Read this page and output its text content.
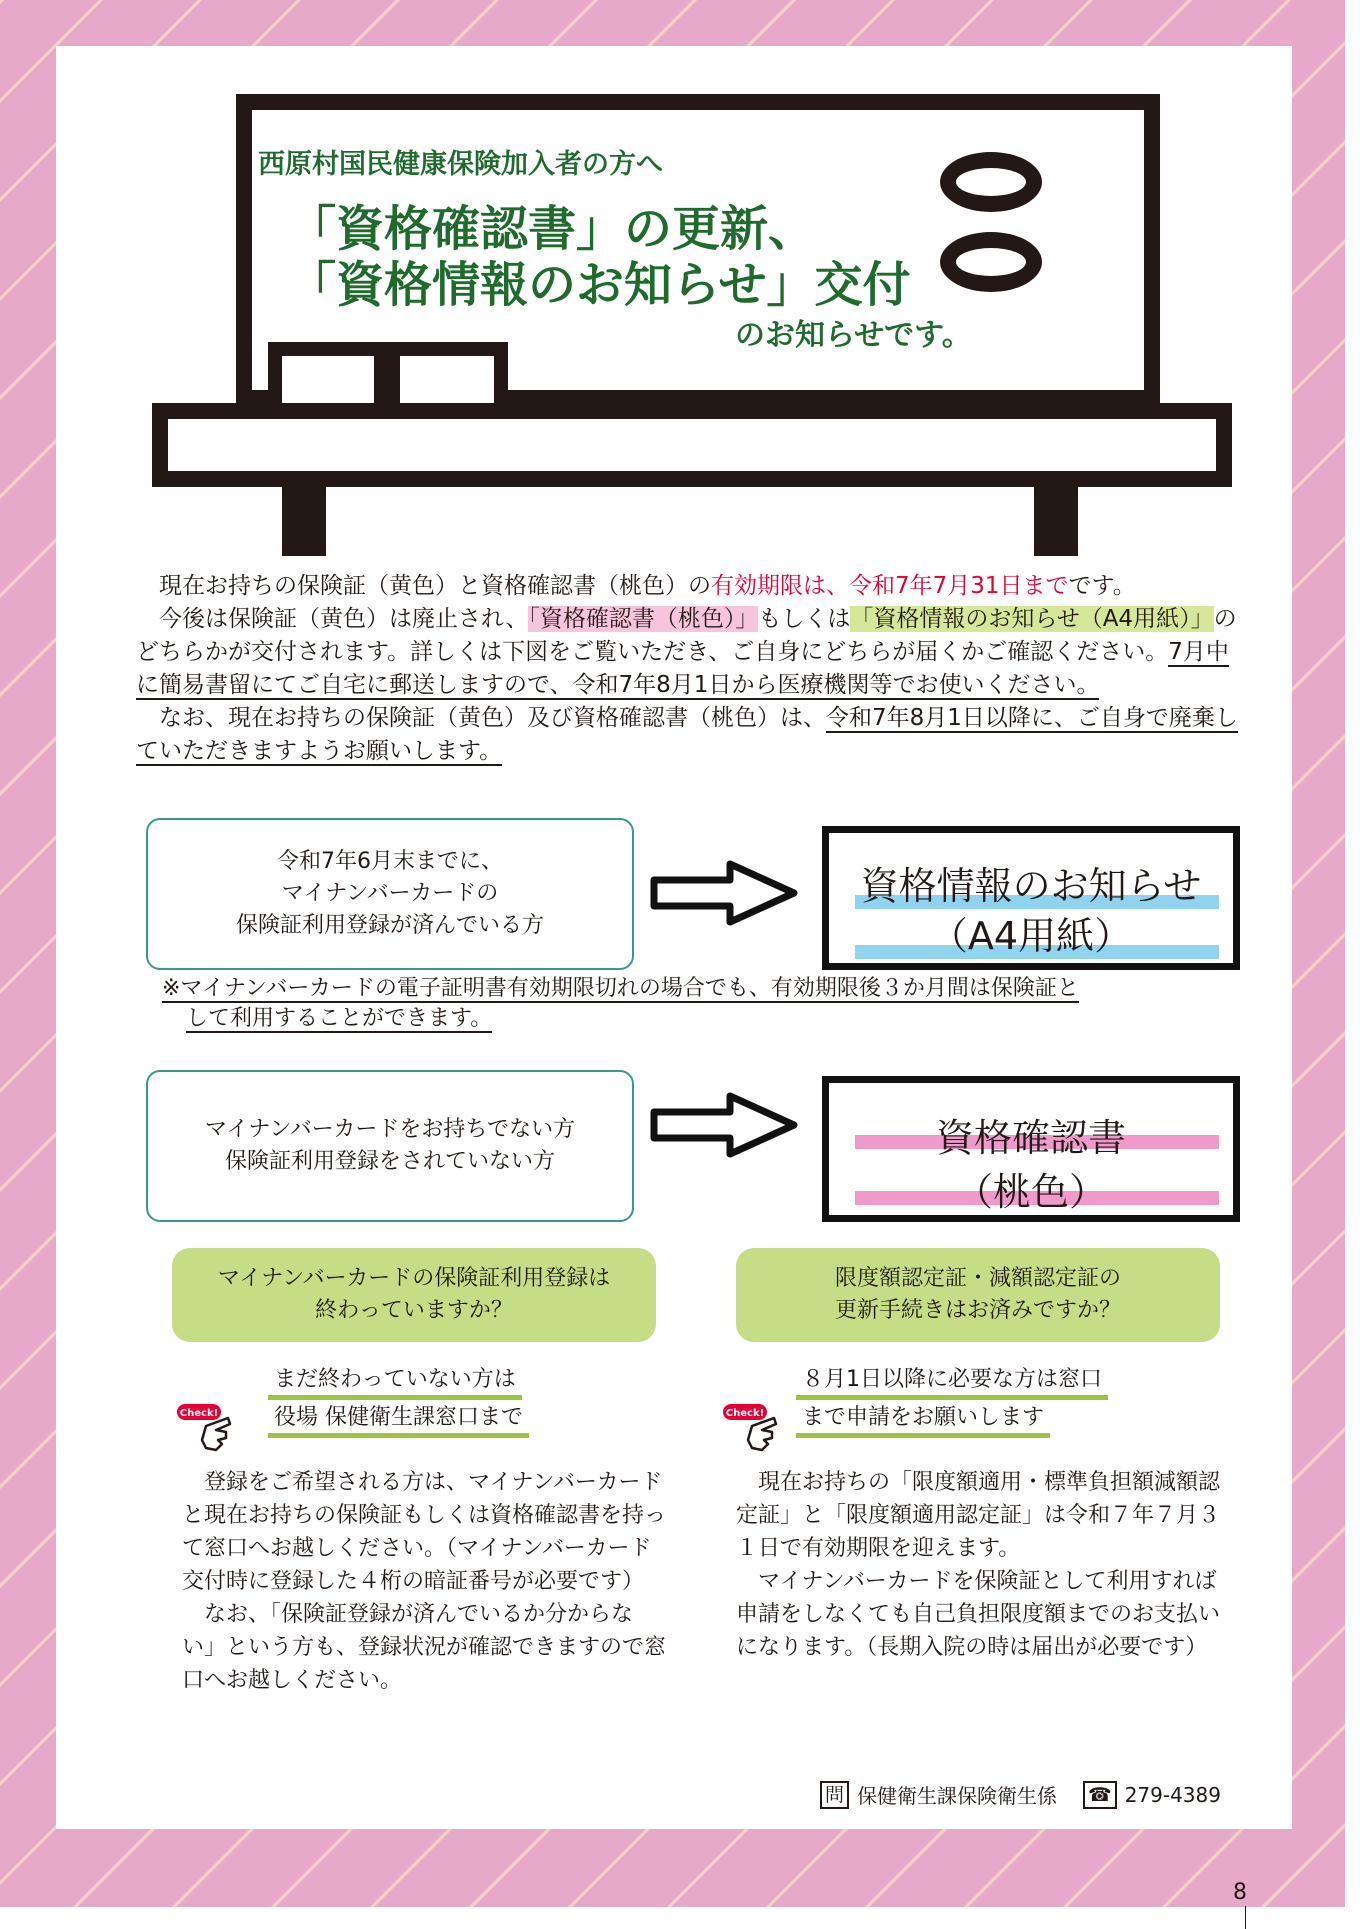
西原村国民健康保険加入者の方へ
「資格確認書」の更新、
「資格情報のお知らせ」交付
のお知らせです。

現在お持ちの保険証（黄色）と資格確認書（桃色）の有効期限は、令和7年7月31日までです。

今後は保険証（黄色）は廃止され、「資格確認書（桃色）」もしくは「資格情報のお知らせ（A4用紙）」のどちらかが交付されます。詳しくは下図をご覧いただき、ご自身にどちらが届くかご確認ください。7月中に簡易書留にてご自宅に郵送しますので、令和7年8月1日から医療機関等でお使いください。

なお、現在お持ちの保険証（黄色）及び資格確認書（桃色）は、令和7年8月1日以降に、ご自身で廃棄していただきますようお願いします。

令和7年6月末までに、
マイナンバーカードの
保険証利用登録が済んでいる方
資格情報のお知らせ
（A4用紙）
※マイナンバーカードの電子証明書有効期限切れの場合でも、有効期限後３か月間は保険証と
して利用することができます。
マイナンバーカードをお持ちでない方
保険証利用登録をされていない方
資格確認書
（桃色）
マイナンバーカードの保険証利用登録は
終わっていますか？
Check!
まだ終わっていない方は
役場 保健衛生課窓口まで

登録をご希望される方は、マイナンバーカードと現在お持ちの保険証もしくは資格確認書を持って窓口へお越しください。（マイナンバーカード交付時に登録した４桁の暗証番号が必要です）

なお、「保険証登録が済んでいるか分からない」という方も、登録状況が確認できますので窓口へお越しください。

限度額認定証・減額認定証の
更新手続きはお済みですか？
Check!
８月1日以降に必要な方は窓口
まで申請をお願いします

現在お持ちの「限度額適用・標準負担額減額認定証」と「限度額適用認定証」は令和７年７月３１日で有効期限を迎えます。

マイナンバーカードを保険証として利用すれば申請をしなくても自己負担限度額までのお支払いになります。（長期入院の時は届出が必要です）

問 保健衛生課保険衛生係 ☎ 279-4389
8
